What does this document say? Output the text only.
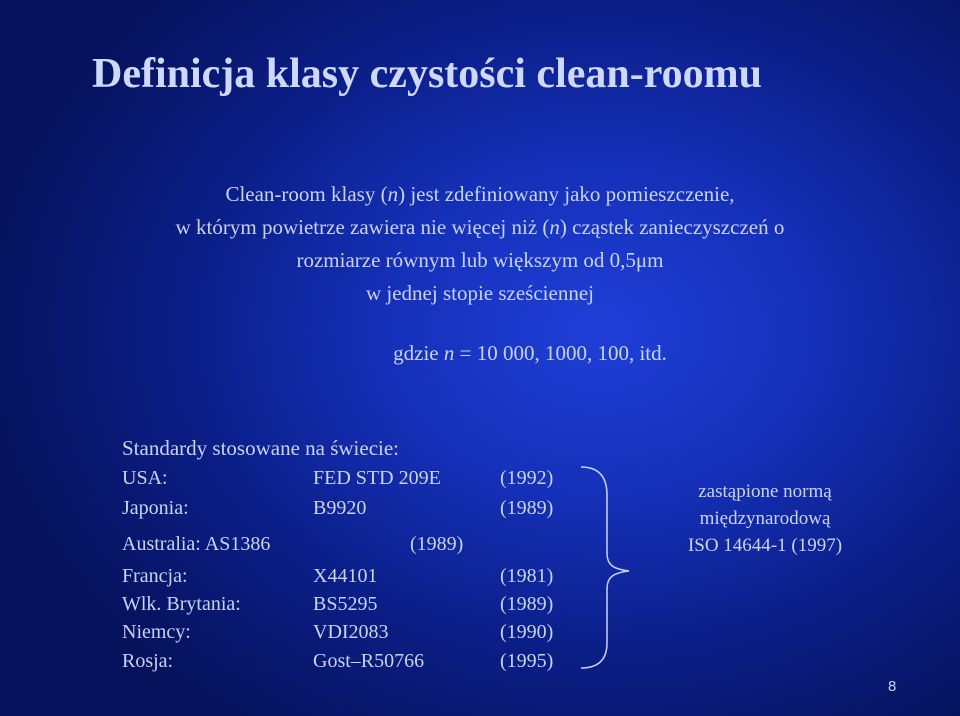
Definicja klasy czystości clean-roomu
Clean-room klasy (n) jest zdefiniowany jako pomieszczenie,
w którym powietrze zawiera nie więcej niż (n) cząstek zanieczyszczeń o
rozmiarze równym lub większym od 0,5μm
w jednej stopie sześciennej
gdzie n = 10 000, 1000, 100, itd.
Standardy stosowane na świecie:
USA:	FED STD 209E	(1992)
Japonia:	B9920	(1989)
Australia: AS1386	(1989)
Francja:	X44101	(1981)
Wlk. Brytania:	BS5295	(1989)
Niemcy:	VDI2083	(1990)
Rosja:	Gost–R50766	(1995)
zastąpione normą
międzynarodową
ISO 14644-1 (1997)
8
